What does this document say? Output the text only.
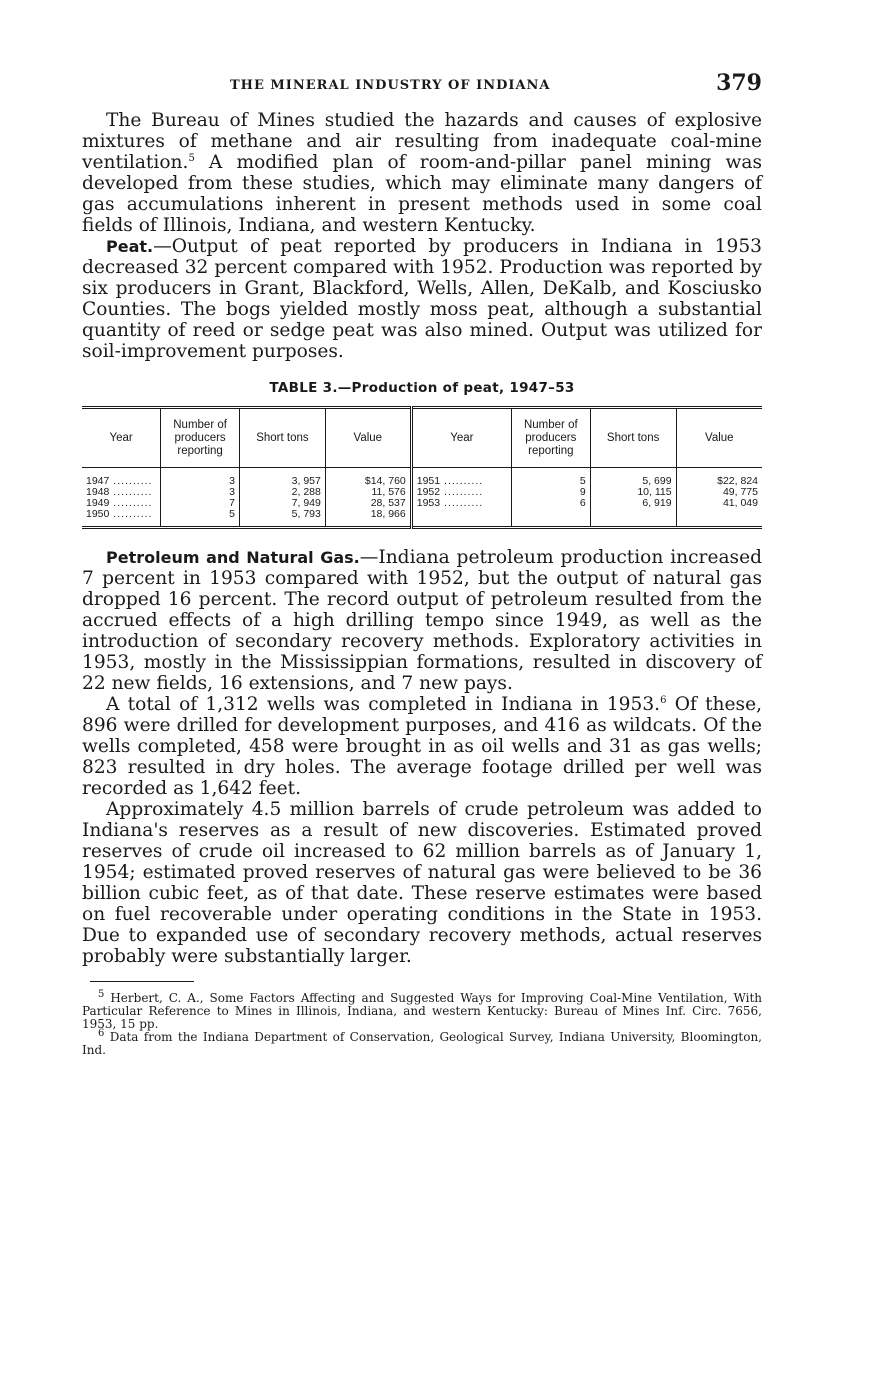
THE MINERAL INDUSTRY OF INDIANA	379

The Bureau of Mines studied the hazards and causes of explosive mixtures of methane and air resulting from inadequate coal-mine ventilation.$^5$ A modified plan of room-and-pillar panel mining was developed from these studies, which may eliminate many dangers of gas accumulations inherent in present methods used in some coal fields of Illinois, Indiana, and western Kentucky.

Peat.—Output of peat reported by producers in Indiana in 1953 decreased 32 percent compared with 1952. Production was reported by six producers in Grant, Blackford, Wells, Allen, DeKalb, and Kosciusko Counties. The bogs yielded mostly moss peat, although a substantial quantity of reed or sedge peat was also mined. Output was utilized for soil-improvement purposes.

TABLE 3.—Production of peat, 1947–53
Year	Number of producers reporting	Short tons	Value	Year	Number of producers reporting	Short tons	Value
1947 .....	3	3, 957	$14, 760	1951 .....	5	5, 699	$22, 824
1948 .....	3	2, 288	11, 576	1952 .....	9	10, 115	49, 775
1949 .....	7	7, 949	28, 537	1953 .....	6	6, 919	41, 049
1950 .....	5	5, 793	18, 966				

Petroleum and Natural Gas.—Indiana petroleum production increased 7 percent in 1953 compared with 1952, but the output of natural gas dropped 16 percent. The record output of petroleum resulted from the accrued effects of a high drilling tempo since 1949, as well as the introduction of secondary recovery methods. Exploratory activities in 1953, mostly in the Mississippian formations, resulted in discovery of 22 new fields, 16 extensions, and 7 new pays.

A total of 1,312 wells was completed in Indiana in 1953.$^6$ Of these, 896 were drilled for development purposes, and 416 as wildcats. Of the wells completed, 458 were brought in as oil wells and 31 as gas wells; 823 resulted in dry holes. The average footage drilled per well was recorded as 1,642 feet.

Approximately 4.5 million barrels of crude petroleum was added to Indiana's reserves as a result of new discoveries. Estimated proved reserves of crude oil increased to 62 million barrels as of January 1, 1954; estimated proved reserves of natural gas were believed to be 36 billion cubic feet, as of that date. These reserve estimates were based on fuel recoverable under operating conditions in the State in 1953. Due to expanded use of secondary recovery methods, actual reserves probably were substantially larger.

$^5$ Herbert, C. A., Some Factors Affecting and Suggested Ways for Improving Coal-Mine Ventilation, With Particular Reference to Mines in Illinois, Indiana, and western Kentucky: Bureau of Mines Inf. Circ. 7656, 1953, 15 pp.

$^6$ Data from the Indiana Department of Conservation, Geological Survey, Indiana University, Bloomington, Ind.
